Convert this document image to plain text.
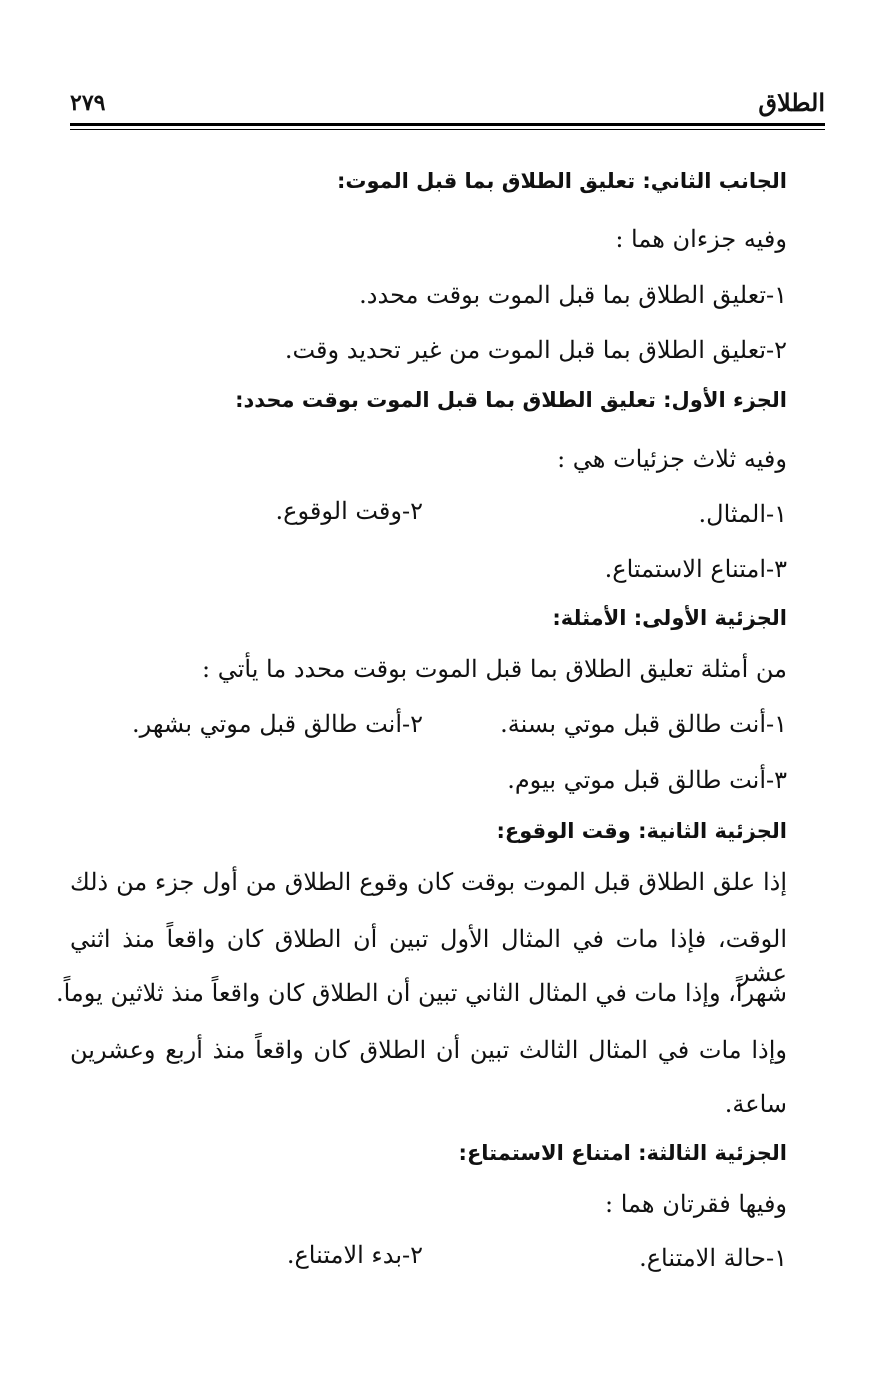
الطلاق
٢٧٩
الجانب الثاني: تعليق الطلاق بما قبل الموت:
وفيه جزءان هما :
١-تعليق الطلاق بما قبل الموت بوقت محدد.
٢-تعليق الطلاق بما قبل الموت من غير تحديد وقت.
الجزء الأول: تعليق الطلاق بما قبل الموت بوقت محدد:
وفيه ثلاث جزئيات هي :
١-المثال.
٢-وقت الوقوع.
٣-امتناع الاستمتاع.
الجزئية الأولى: الأمثلة:
من أمثلة تعليق الطلاق بما قبل الموت بوقت محدد ما يأتي :
١-أنت طالق قبل موتي بسنة.
٢-أنت طالق قبل موتي بشهر.
٣-أنت طالق قبل موتي بيوم.
الجزئية الثانية: وقت الوقوع:
إذا علق الطلاق قبل الموت بوقت كان وقوع الطلاق من أول جزء من ذلك
الوقت، فإذا مات في المثال الأول تبين أن الطلاق كان واقعاً منذ اثني عشر
شهراً، وإذا مات في المثال الثاني تبين أن الطلاق كان واقعاً منذ ثلاثين يوماً.
وإذا مات في المثال الثالث تبين أن الطلاق كان واقعاً منذ أربع وعشرين
ساعة.
الجزئية الثالثة: امتناع الاستمتاع:
وفيها فقرتان هما :
١-حالة الامتناع.
٢-بدء الامتناع.
